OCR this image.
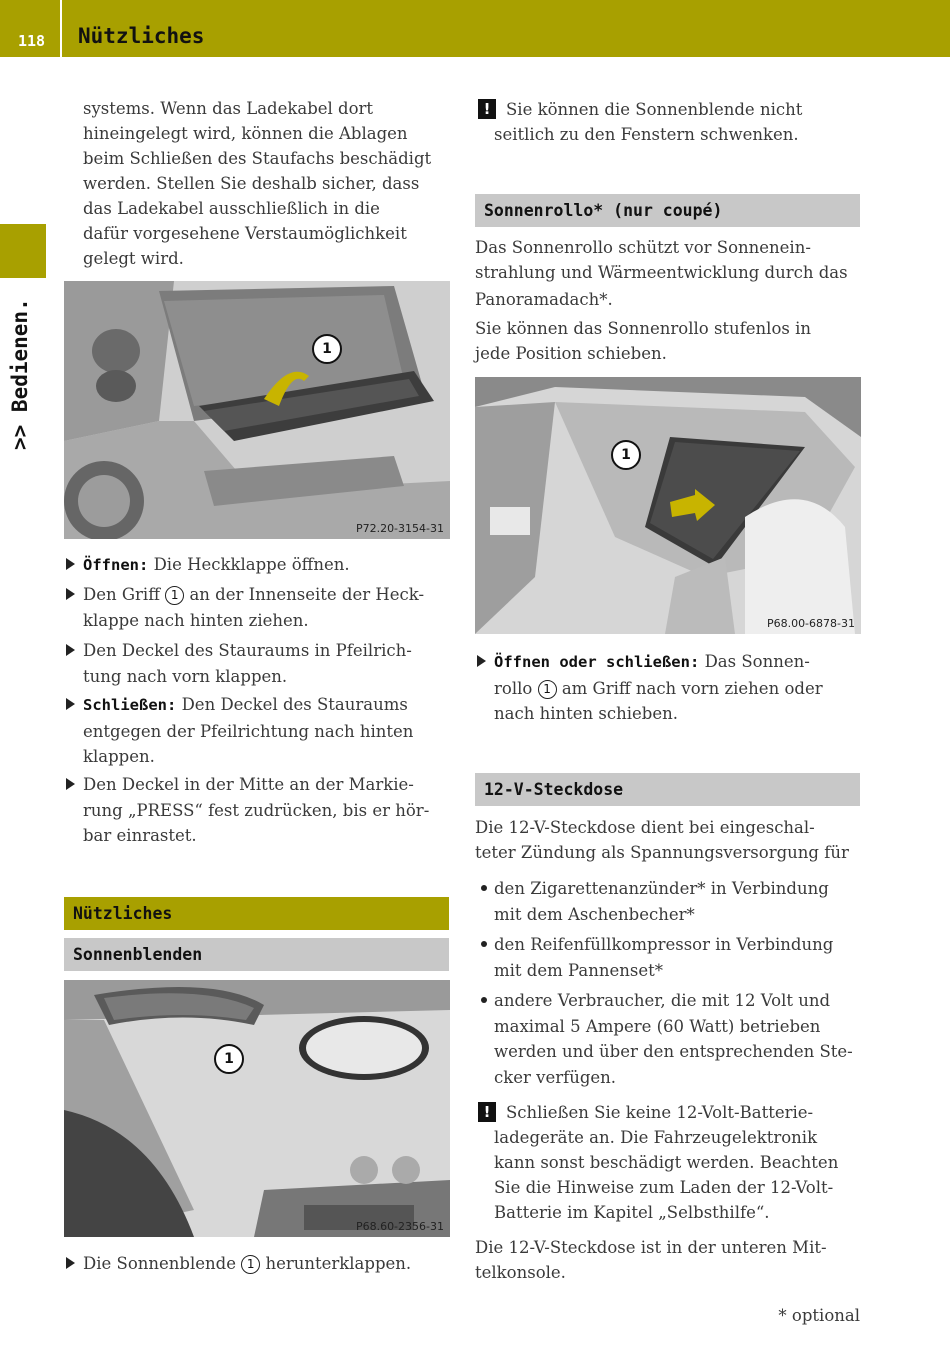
118	Nützliches
>> Bedienen.
systems. Wenn das Ladekabel dort
hineingelegt wird, können die Ablagen
beim Schließen des Staufachs beschädigt
werden. Stellen Sie deshalb sicher, dass
das Ladekabel ausschließlich in die
dafür vorgesehene Verstaumöglichkeit
gelegt wird.
1
P72.20-3154-31
Öffnen: Die Heckklappe öffnen.
Den Griff 1 an der Innenseite der Heck-
klappe nach hinten ziehen.
Den Deckel des Stauraums in Pfeilrich-
tung nach vorn klappen.
Schließen: Den Deckel des Stauraums
entgegen der Pfeilrichtung nach hinten
klappen.
Den Deckel in der Mitte an der Markie-
rung „PRESS“ fest zudrücken, bis er hör-
bar einrastet.
Nützliches
Sonnenblenden
1
P68.60-2356-31
Die Sonnenblende 1 herunterklappen.
! Sie können die Sonnenblende nicht
seitlich zu den Fenstern schwenken.
Sonnenrollo* (nur coupé)
Das Sonnenrollo schützt vor Sonnenein-
strahlung und Wärmeentwicklung durch das
Panoramadach*.
Sie können das Sonnenrollo stufenlos in
jede Position schieben.
1
P68.00-6878-31
Öffnen oder schließen: Das Sonnen-
rollo 1 am Griff nach vorn ziehen oder
nach hinten schieben.
12-V-Steckdose
Die 12-V-Steckdose dient bei eingeschal-
teter Zündung als Spannungsversorgung für
den Zigarettenanzünder* in Verbindung
mit dem Aschenbecher*
den Reifenfüllkompressor in Verbindung
mit dem Pannenset*
andere Verbraucher, die mit 12 Volt und
maximal 5 Ampere (60 Watt) betrieben
werden und über den entsprechenden Ste-
cker verfügen.
! Schließen Sie keine 12-Volt-Batterie-
ladegeräte an. Die Fahrzeugelektronik
kann sonst beschädigt werden. Beachten
Sie die Hinweise zum Laden der 12-Volt-
Batterie im Kapitel „Selbsthilfe“.
Die 12-V-Steckdose ist in der unteren Mit-
telkonsole.
* optional
